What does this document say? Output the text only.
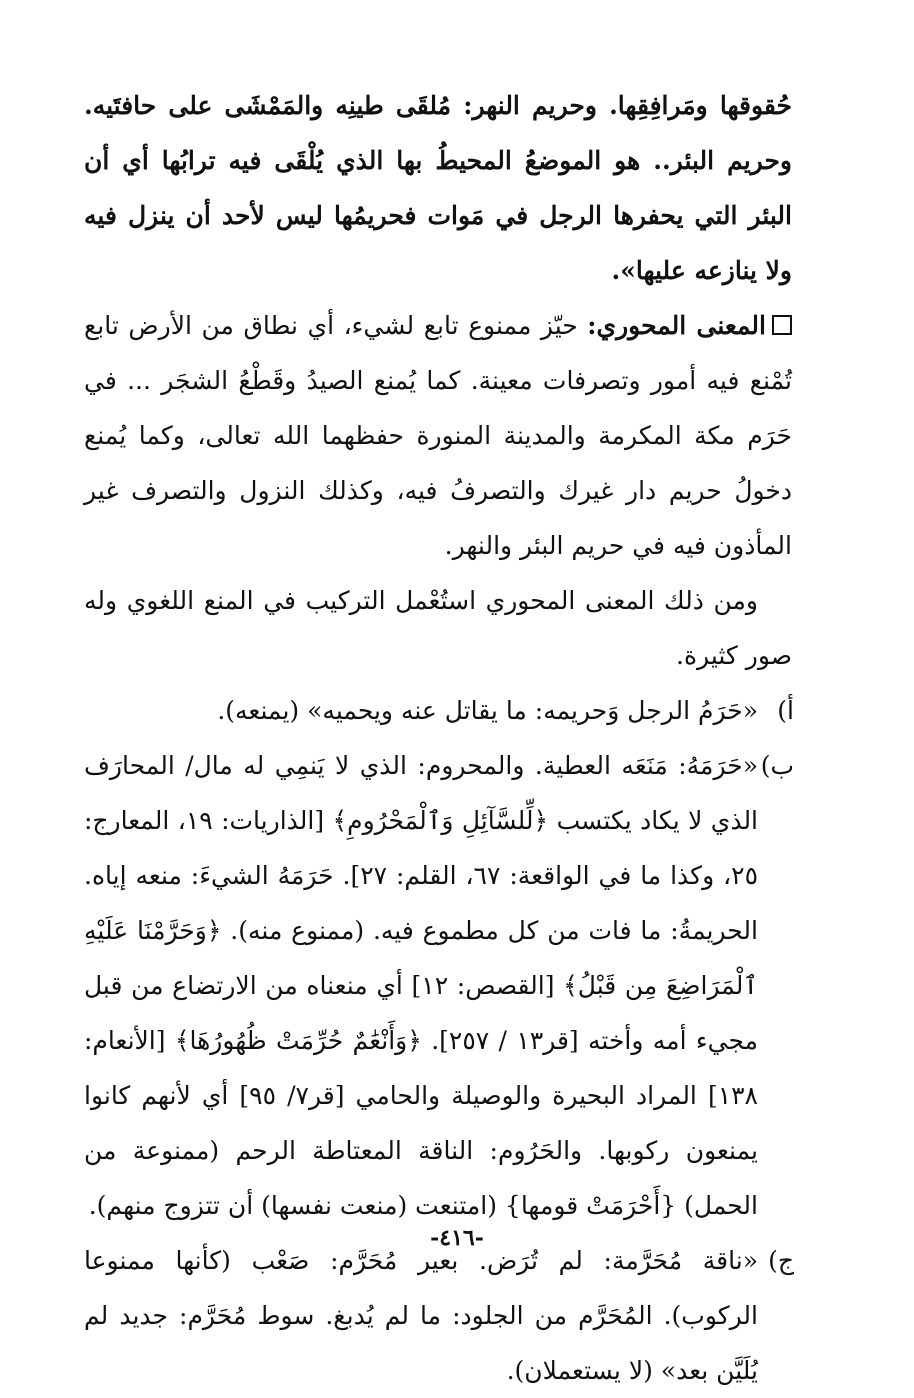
حُقوقها ومَرافِقِها. وحريم النهر: مُلقَى طينِه والمَمْشَى على حافتَيه. وحريم البئر.. هو الموضعُ المحيطُ بها الذي يُلْقَى فيه ترابُها أي أن البئر التي يحفرها الرجل في مَوات فحريمُها ليس لأحد أن ينزل فيه ولا ينازعه عليها».

المعنى المحوري: حيّز ممنوع تابع لشيء، أي نطاق من الأرض تابع تُمْنع فيه أمور وتصرفات معينة. كما يُمنع الصيدُ وقَطْعُ الشجَر ... في حَرَم مكة المكرمة والمدينة المنورة حفظهما الله تعالى، وكما يُمنع دخولُ حريم دار غيرك والتصرفُ فيه، وكذلك النزول والتصرف غير المأذون فيه في حريم البئر والنهر.

ومن ذلك المعنى المحوري استُعْمل التركيب في المنع اللغوي وله صور كثيرة.

أ)
«حَرَمُ الرجل وَحريمه: ما يقاتل عنه ويحميه» (يمنعه).
ب)
«حَرَمَهُ: مَنَعَه العطية. والمحروم: الذي لا يَنمِي له مال/ المحارَف الذي لا يكاد يكتسب ﴿لِّلسَّآئِلِ وَٱلْمَحْرُومِ﴾ [الذاريات: ١٩، المعارج: ٢٥، وكذا ما في الواقعة: ٦٧، القلم: ٢٧]. حَرَمَهُ الشيءَ: منعه إياه. الحريمةُ: ما فات من كل مطموع فيه. (ممنوع منه). ﴿وَحَرَّمْنَا عَلَيْهِ ٱلْمَرَاضِعَ مِن قَبْلُ﴾ [القصص: ١٢] أي منعناه من الارتضاع من قبل مجيء أمه وأخته [قر١٣ / ٢٥٧]. ﴿وَأَنْعَٰمٌ حُرِّمَتْ ظُهُورُهَا﴾ [الأنعام: ١٣٨] المراد البحيرة والوصيلة والحامي [قر٧/ ٩٥] أي لأنهم كانوا يمنعون ركوبها. والحَرُوم: الناقة المعتاطة الرحم (ممنوعة من الحمل) {أَحْرَمَتْ قومها} (امتنعت (منعت نفسها) أن تتزوج منهم).
ج)
«ناقة مُحَرَّمة: لم تُرَض. بعير مُحَرَّم: صَعْب (كأنها ممنوعا الركوب). المُحَرَّم من الجلود: ما لم يُدبغ. سوط مُحَرَّم: جديد لم يُلَيَّن بعد» (لا يستعملان).
-٤١٦-
